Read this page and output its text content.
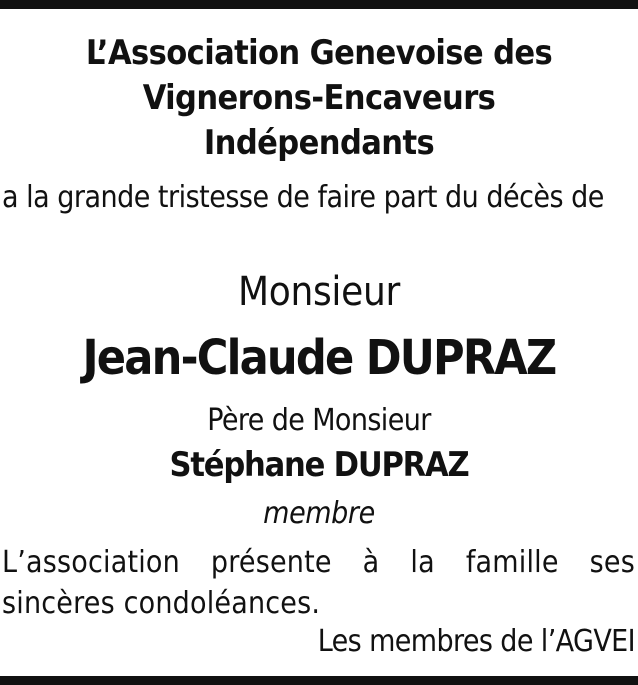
L’Association Genevoise des
Vignerons-Encaveurs
Indépendants
a la grande tristesse de faire part du décès de
Monsieur
Jean-Claude DUPRAZ
Père de Monsieur
Stéphane DUPRAZ
membre
L’association présente à la famille ses sincères condoléances.
Les membres de l’AGVEI
